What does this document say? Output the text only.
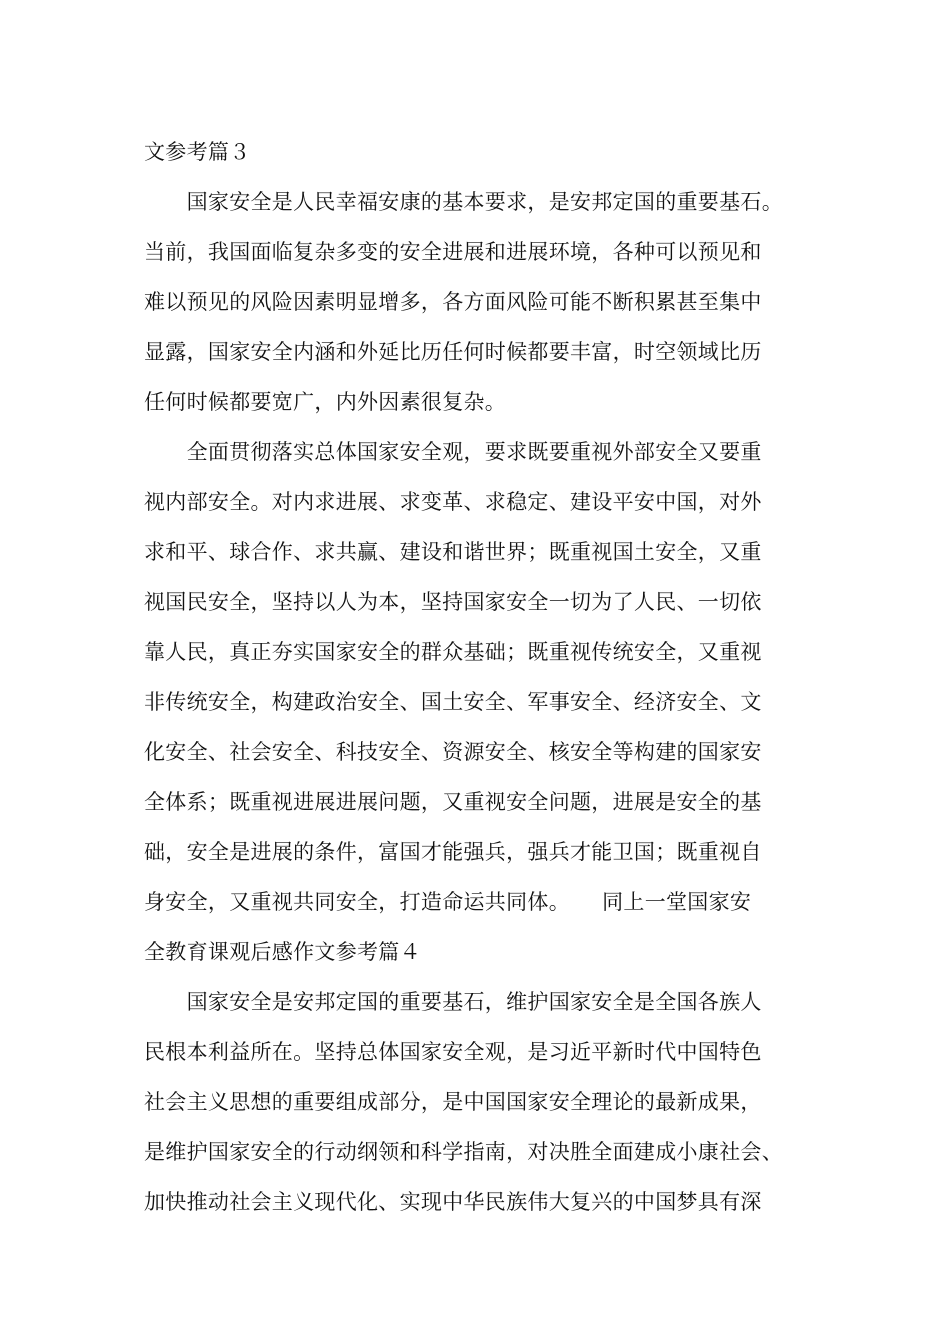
文参考篇３
　　国家安全是人民幸福安康的基本要求，是安邦定国的重要基石。
当前，我国面临复杂多变的安全进展和进展环境，各种可以预见和
难以预见的风险因素明显增多，各方面风险可能不断积累甚至集中
显露，国家安全内涵和外延比历任何时候都要丰富，时空领域比历
任何时候都要宽广，内外因素很复杂。
　　全面贯彻落实总体国家安全观，要求既要重视外部安全又要重
视内部安全。对内求进展、求变革、求稳定、建设平安中国，对外
求和平、球合作、求共赢、建设和谐世界；既重视国土安全，又重
视国民安全，坚持以人为本，坚持国家安全一切为了人民、一切依
靠人民，真正夯实国家安全的群众基础；既重视传统安全，又重视
非传统安全，构建政治安全、国土安全、军事安全、经济安全、文
化安全、社会安全、科技安全、资源安全、核安全等构建的国家安
全体系；既重视进展进展问题，又重视安全问题，进展是安全的基
础，安全是进展的条件，富国才能强兵，强兵才能卫国；既重视自
身安全，又重视共同安全，打造命运共同体。　　同上一堂国家安
全教育课观后感作文参考篇４
　　国家安全是安邦定国的重要基石，维护国家安全是全国各族人
民根本利益所在。坚持总体国家安全观，是习近平新时代中国特色
社会主义思想的重要组成部分，是中国国家安全理论的最新成果，
是维护国家安全的行动纲领和科学指南，对决胜全面建成小康社会、
加快推动社会主义现代化、实现中华民族伟大复兴的中国梦具有深
